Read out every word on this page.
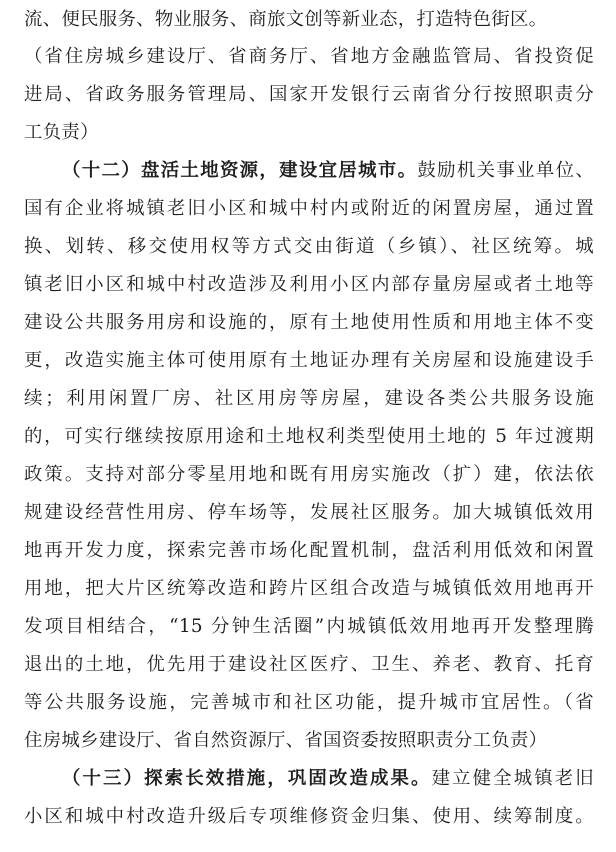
流、便民服务、物业服务、商旅文创等新业态，打造特色街区。
（省住房城乡建设厅、省商务厅、省地方金融监管局、省投资促
进局、省政务服务管理局、国家开发银行云南省分行按照职责分
工负责）
（十二）盘活土地资源，建设宜居城市。鼓励机关事业单位、
国有企业将城镇老旧小区和城中村内或附近的闲置房屋，通过置
换、划转、移交使用权等方式交由街道（乡镇）、社区统筹。城
镇老旧小区和城中村改造涉及利用小区内部存量房屋或者土地等
建设公共服务用房和设施的，原有土地使用性质和用地主体不变
更，改造实施主体可使用原有土地证办理有关房屋和设施建设手
续；利用闲置厂房、社区用房等房屋，建设各类公共服务设施
的，可实行继续按原用途和土地权利类型使用土地的 5 年过渡期
政策。支持对部分零星用地和既有用房实施改（扩）建，依法依
规建设经营性用房、停车场等，发展社区服务。加大城镇低效用
地再开发力度，探索完善市场化配置机制，盘活利用低效和闲置
用地，把大片区统筹改造和跨片区组合改造与城镇低效用地再开
发项目相结合，“15 分钟生活圈”内城镇低效用地再开发整理腾
退出的土地，优先用于建设社区医疗、卫生、养老、教育、托育
等公共服务设施，完善城市和社区功能，提升城市宜居性。（省
住房城乡建设厅、省自然资源厅、省国资委按照职责分工负责）
（十三）探索长效措施，巩固改造成果。建立健全城镇老旧
小区和城中村改造升级后专项维修资金归集、使用、续筹制度。
